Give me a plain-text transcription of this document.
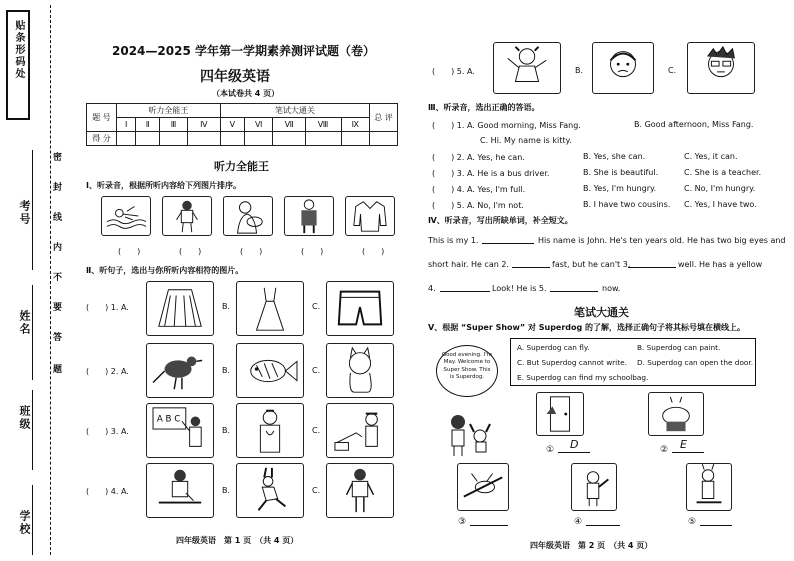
贴条形码处
考号
姓名
班级
学校
密
封
线
内
不
要
答
题
2024—2025 学年第一学期素养测评试题（卷）
四年级英语
（本试卷共 4 页）
题 号	听力全能王				笔试大通关					总 评
	Ⅰ	Ⅱ	Ⅲ	Ⅳ	Ⅴ	Ⅵ	Ⅶ	Ⅷ	Ⅸ	
得 分										
听力全能王
Ⅰ、听录音，根据所听内容给下列图片排序。
(　　)	(　　)	(　　)	(　　)	(　　)
Ⅱ、听句子，选出与你所听内容相符的图片。
(　　) 1. A.	B.	C.
(　　) 2. A.	B.	C.
(　　) 3. A.	B.	C.
(　　) 4. A.	B.	C.
A B C
四年级英语　第 1 页　（共 4 页）
(　　) 5. A.	B.	C.
Ⅲ、听录音，选出正确的答语。
(　　) 1. A. Good morning, Miss Fang.	B. Good afternoon, Miss Fang.
C. Hi. My name is kitty.
(　　) 2. A. Yes, he can.	B. Yes, she can.	C. Yes, it can.
(　　) 3. A. He is a bus driver.	B. She is beautiful.	C. She is a teacher.
(　　) 4. A. Yes, I'm full.	B. Yes, I'm hungry.	C. No, I'm hungry.
(　　) 5. A. No, I'm not.	B. I have two cousins. C. Yes, I have two.
Ⅳ、听录音，写出所缺单词，补全短文。
This is my 1.	His name is John. He's ten years old. He has two big eyes and
short hair. He can 2.	fast, but he can't 3.	well. He has a yellow
4.	Look! He is 5.	now.
笔试大通关
Ⅴ、根据 “Super Show” 对 Superdog 的了解，选择正确句子将其标号填在横线上。
Good evening. I'm May. Welcome to Super Show. This is Superdog.
A. Superdog can fly.	B. Superdog can paint.
C. But Superdog cannot write. D. Superdog can open the door.
E. Superdog can find my schoolbag.
① D	② E
③	④	⑤
四年级英语　第 2 页　（共 4 页）
